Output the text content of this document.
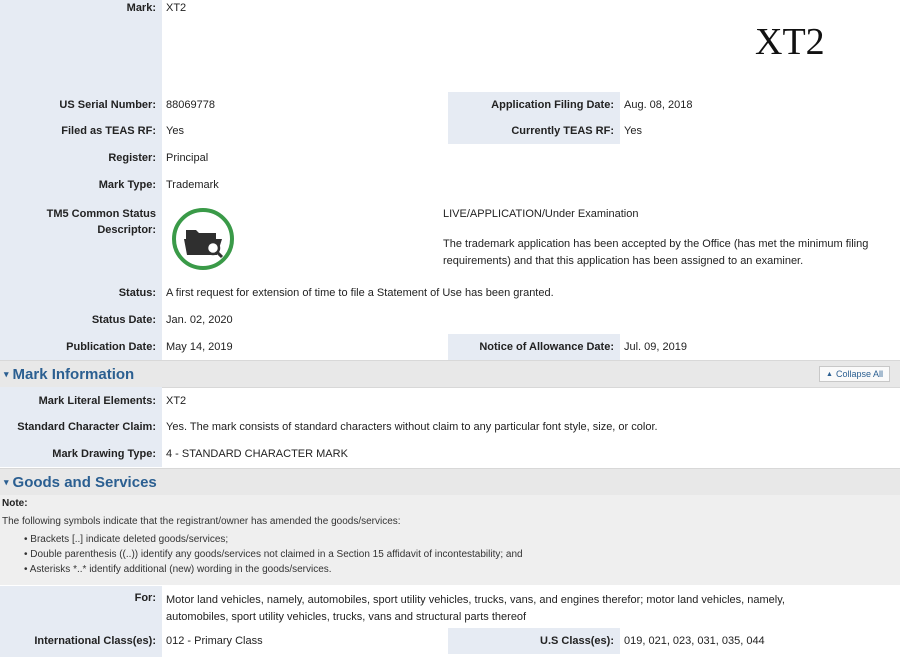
Mark: XT2
XT2
US Serial Number: 88069778	Application Filing Date: Aug. 08, 2018
Filed as TEAS RF: Yes	Currently TEAS RF: Yes
Register: Principal
Mark Type: Trademark
TM5 Common Status
Descriptor:
LIVE/APPLICATION/Under Examination
The trademark application has been accepted by the Office (has met the minimum filing requirements) and that this application has been assigned to an examiner.
Status: A first request for extension of time to file a Statement of Use has been granted.
Status Date: Jan. 02, 2020
Publication Date: May 14, 2019	Notice of Allowance Date: Jul. 09, 2019
▾ Mark Information	▲ Collapse All
Mark Literal Elements: XT2
Standard Character Claim: Yes. The mark consists of standard characters without claim to any particular font style, size, or color.
Mark Drawing Type: 4 - STANDARD CHARACTER MARK
▾ Goods and Services
Note:
The following symbols indicate that the registrant/owner has amended the goods/services:
• Brackets [..] indicate deleted goods/services;
• Double parenthesis ((..)) identify any goods/services not claimed in a Section 15 affidavit of incontestability; and
• Asterisks *..* identify additional (new) wording in the goods/services.
For: Motor land vehicles, namely, automobiles, sport utility vehicles, trucks, vans, and engines therefor; motor land vehicles, namely,
automobiles, sport utility vehicles, trucks, vans and structural parts thereof
International Class(es): 012 - Primary Class	U.S Class(es): 019, 021, 023, 031, 035, 044
